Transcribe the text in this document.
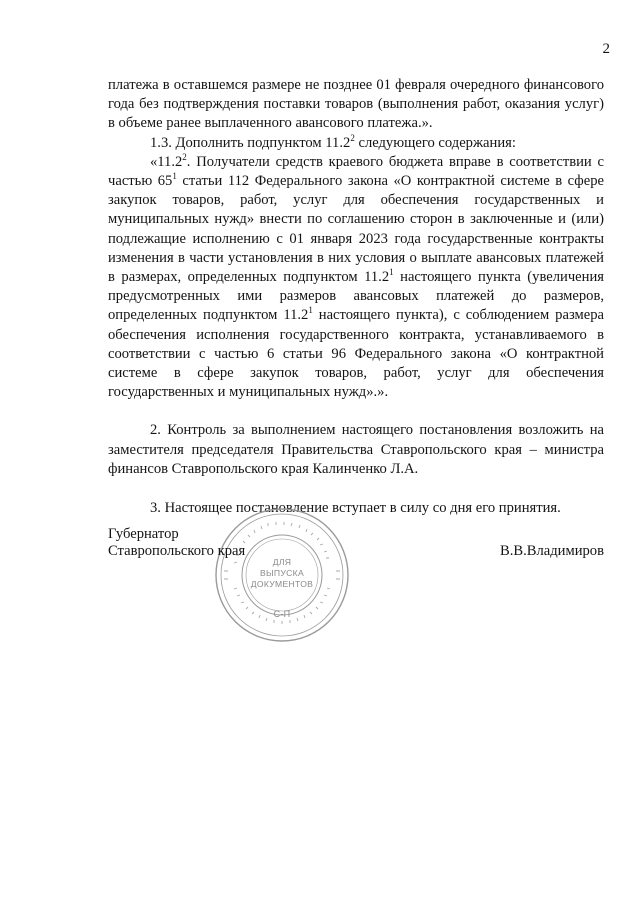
2

платежа в оставшемся размере не позднее 01 февраля очередного финансового года без подтверждения поставки товаров (выполнения работ, оказания услуг) в объеме ранее выплаченного авансового платежа.».

1.3. Дополнить подпунктом 11.2$^2$ следующего содержания:

«11.2$^2$. Получатели средств краевого бюджета вправе в соответствии с частью $65^1$ статьи 112 Федерального закона «О контрактной системе в сфере закупок товаров, работ, услуг для обеспечения государственных и муниципальных нужд» внести по соглашению сторон в заключенные и (или) подлежащие исполнению с 01 января 2023 года государственные контракты изменения в части установления в них условия о выплате авансовых платежей в размерах, определенных подпунктом 11.2$^1$ настоящего пункта (увеличения предусмотренных ими размеров авансовых платежей до размеров, определенных подпунктом 11.2$^1$ настоящего пункта), с соблюдением размера обеспечения исполнения государственного контракта, устанавливаемого в соответствии с частью 6 статьи 96 Федерального закона «О контрактной системе в сфере закупок товаров, работ, услуг для обеспечения государственных и муниципальных нужд».».

2. Контроль за выполнением настоящего постановления возложить на заместителя председателя Правительства Ставропольского края – министра финансов Ставропольского края Калинченко Л.А.

3. Настоящее постановление вступает в силу со дня его принятия.

ДЛЯ
ВЫПУСКА
ДОКУМЕНТОВ
С-П
Губернатор
Ставропольского края	В.В.Владимиров
